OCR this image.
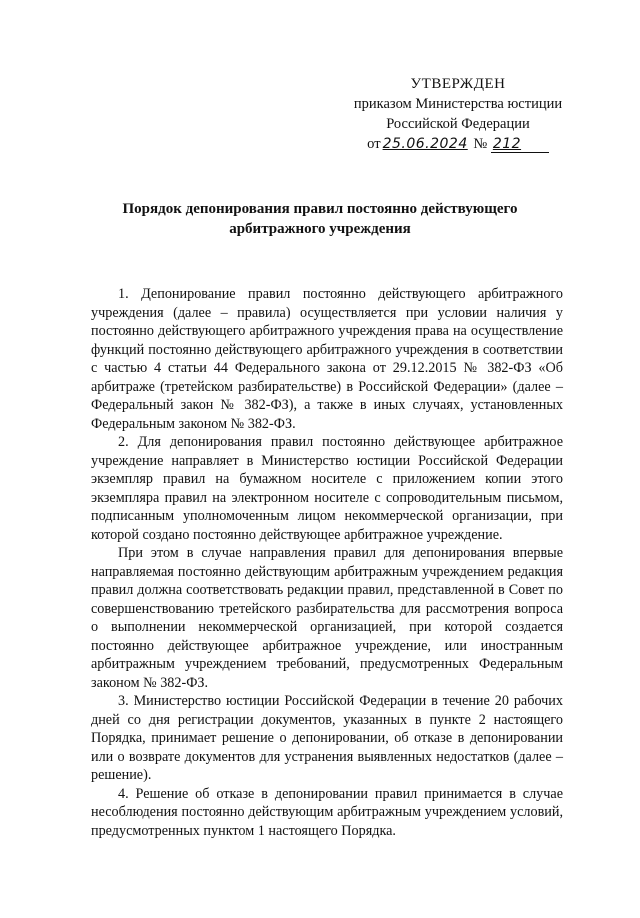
УТВЕРЖДЕН
приказом Министерства юстиции
Российской Федерации
от 25.06.2024 № 212
Порядок депонирования правил постоянно действующего
арбитражного учреждения

1. Депонирование правил постоянно действующего арбитражного учреждения (далее – правила) осуществляется при условии наличия у постоянно действующего арбитражного учреждения права на осуществление функций постоянно действующего арбитражного учреждения в соответствии с частью 4 статьи 44 Федерального закона от 29.12.2015 № 382-ФЗ «Об арбитраже (третейском разбирательстве) в Российской Федерации» (далее – Федеральный закон № 382-ФЗ), а также в иных случаях, установленных Федеральным законом № 382-ФЗ.

2. Для депонирования правил постоянно действующее арбитражное учреждение направляет в Министерство юстиции Российской Федерации экземпляр правил на бумажном носителе с приложением копии этого экземпляра правил на электронном носителе с сопроводительным письмом, подписанным уполномоченным лицом некоммерческой организации, при которой создано постоянно действующее арбитражное учреждение.

При этом в случае направления правил для депонирования впервые направляемая постоянно действующим арбитражным учреждением редакция правил должна соответствовать редакции правил, представленной в Совет по совершенствованию третейского разбирательства для рассмотрения вопроса о выполнении некоммерческой организацией, при которой создается постоянно действующее арбитражное учреждение, или иностранным арбитражным учреждением требований, предусмотренных Федеральным законом № 382-ФЗ.

3. Министерство юстиции Российской Федерации в течение 20 рабочих дней со дня регистрации документов, указанных в пункте 2 настоящего Порядка, принимает решение о депонировании, об отказе в депонировании или о возврате документов для устранения выявленных недостатков (далее – решение).

4. Решение об отказе в депонировании правил принимается в случае несоблюдения постоянно действующим арбитражным учреждением условий, предусмотренных пунктом 1 настоящего Порядка.
